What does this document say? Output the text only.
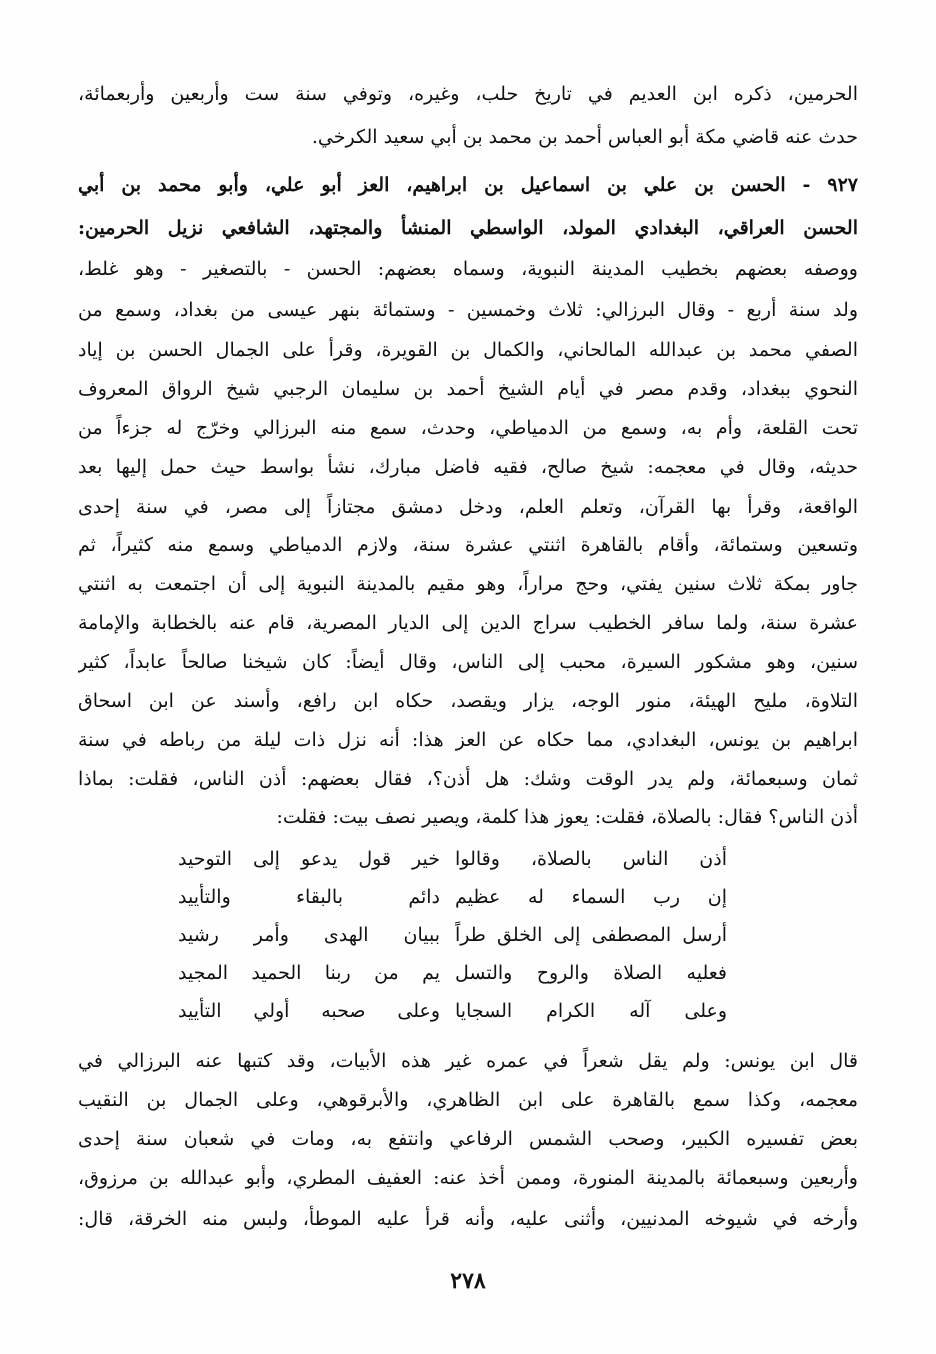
الحرمين، ذكره ابن العديم في تاريخ حلب، وغيره، وتوفي سنة ست وأربعين وأربعمائة،
حدث عنه قاضي مكة أبو العباس أحمد بن محمد بن أبي سعيد الكرخي.
٩٢٧ - الحسن بن علي بن اسماعيل بن ابراهيم، العز أبو علي، وأبو محمد بن أبي
الحسن العراقي، البغدادي المولد، الواسطي المنشأ والمجتهد، الشافعي نزيل الحرمين:
ووصفه بعضهم بخطيب المدينة النبوية، وسماه بعضهم: الحسن - بالتصغير - وهو غلط،
ولد سنة أربع - وقال البرزالي: ثلاث وخمسين - وستمائة بنهر عيسى من بغداد، وسمع من
الصفي محمد بن عبدالله المالحاني، والكمال بن القويرة، وقرأ على الجمال الحسن بن إياد
النحوي ببغداد، وقدم مصر في أيام الشيخ أحمد بن سليمان الرجبي شيخ الرواق المعروف
تحت القلعة، وأم به، وسمع من الدمياطي، وحدث، سمع منه البرزالي وخرّج له جزءاً من
حديثه، وقال في معجمه: شيخ صالح، فقيه فاضل مبارك، نشأ بواسط حيث حمل إليها بعد
الواقعة، وقرأ بها القرآن، وتعلم العلم، ودخل دمشق مجتازاً إلى مصر، في سنة إحدى
وتسعين وستمائة، وأقام بالقاهرة اثنتي عشرة سنة، ولازم الدمياطي وسمع منه كثيراً، ثم
جاور بمكة ثلاث سنين يفتي، وحج مراراً، وهو مقيم بالمدينة النبوية إلى أن اجتمعت به اثنتي
عشرة سنة، ولما سافر الخطيب سراج الدين إلى الديار المصرية، قام عنه بالخطابة والإمامة
سنين، وهو مشكور السيرة، محبب إلى الناس، وقال أيضاً: كان شيخنا صالحاً عابداً، كثير
التلاوة، مليح الهيئة، منور الوجه، يزار ويقصد، حكاه ابن رافع، وأسند عن ابن اسحاق
ابراهيم بن يونس، البغدادي، مما حكاه عن العز هذا: أنه نزل ذات ليلة من رباطه في سنة
ثمان وسبعمائة، ولم يدر الوقت وشك: هل أذن؟، فقال بعضهم: أذن الناس، فقلت: بماذا
أذن الناس؟ فقال: بالصلاة، فقلت: يعوز هذا كلمة، ويصير نصف بيت: فقلت:
أذن الناس بالصلاة، وقالوا
خير قول يدعو إلى التوحيد
إن رب السماء له عظيم
دائم بالبقاء والتأييد
أرسل المصطفى إلى الخلق طراً
ببيان الهدى وأمر رشيد
فعليه الصلاة والروح والتسل
يم من ربنا الحميد المجيد
وعلى آله الكرام السجايا
وعلى صحبه أولي التأييد
قال ابن يونس: ولم يقل شعراً في عمره غير هذه الأبيات، وقد كتبها عنه البرزالي في
معجمه، وكذا سمع بالقاهرة على ابن الظاهري، والأبرقوهي، وعلى الجمال بن النقيب
بعض تفسيره الكبير، وصحب الشمس الرفاعي وانتفع به، ومات في شعبان سنة إحدى
وأربعين وسبعمائة بالمدينة المنورة، وممن أخذ عنه: العفيف المطري، وأبو عبدالله بن مرزوق،
وأرخه في شيوخه المدنيين، وأثنى عليه، وأنه قرأ عليه الموطأ، ولبس منه الخرقة، قال:
٢٧٨
